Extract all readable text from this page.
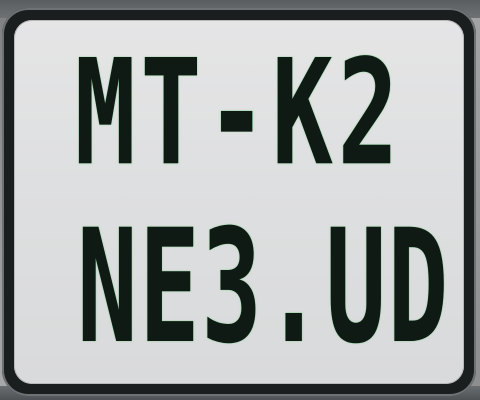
MT-K2
NE3.UD
